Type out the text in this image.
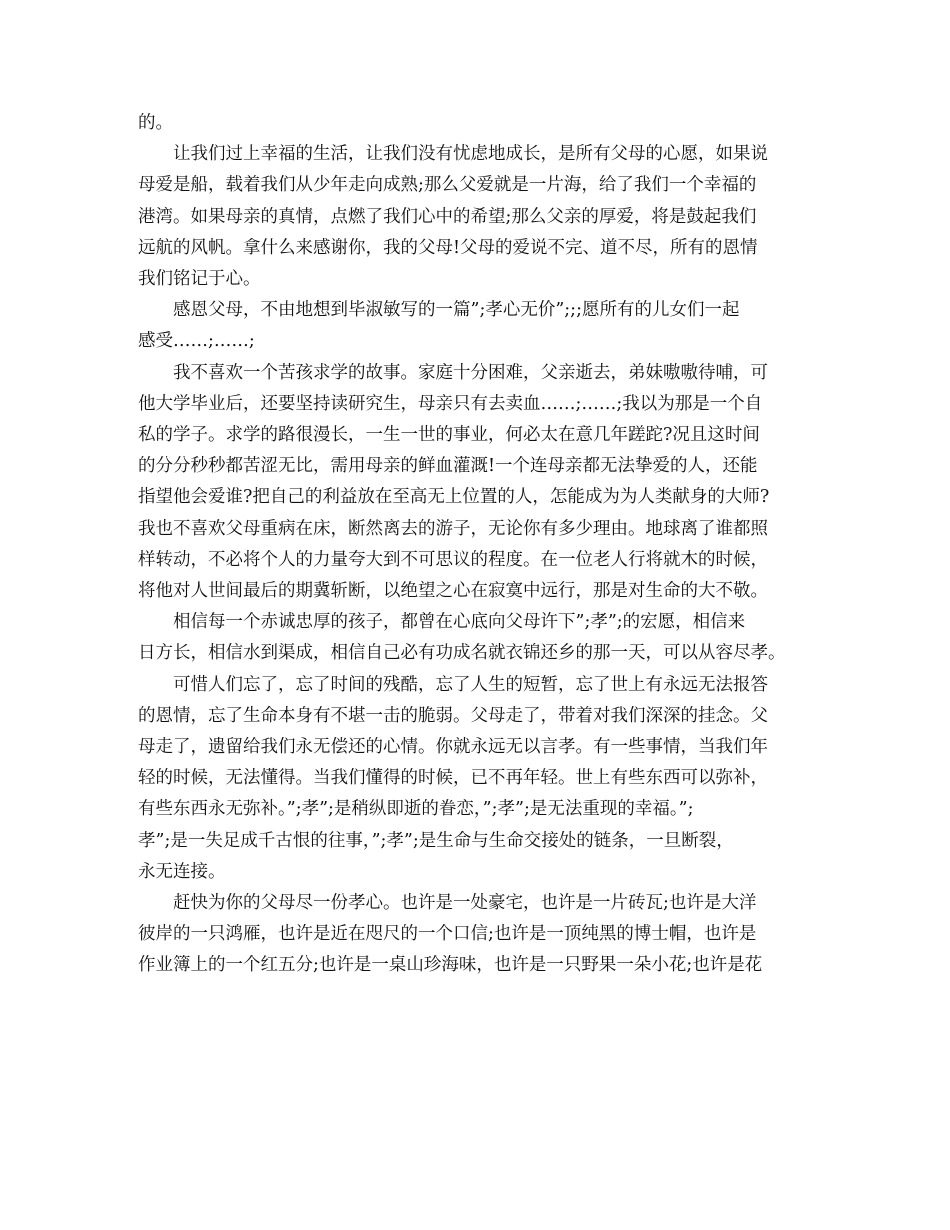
的。

　　让我们过上幸福的生活，让我们没有忧虑地成长，是所有父母的心愿，如果说
母爱是船，载着我们从少年走向成熟;那么父爱就是一片海，给了我们一个幸福的
港湾。如果母亲的真情，点燃了我们心中的希望;那么父亲的厚爱，将是鼓起我们
远航的风帆。拿什么来感谢你，我的父母!父母的爱说不完、道不尽，所有的恩情
我们铭记于心。

　　感恩父母，不由地想到毕淑敏写的一篇”;孝心无价”;;;愿所有的儿女们一起
感受……;……;

　　我不喜欢一个苦孩求学的故事。家庭十分困难，父亲逝去，弟妹嗷嗷待哺，可
他大学毕业后，还要坚持读研究生，母亲只有去卖血……;……;我以为那是一个自
私的学子。求学的路很漫长，一生一世的事业，何必太在意几年蹉跎?况且这时间
的分分秒秒都苦涩无比，需用母亲的鲜血灌溉!一个连母亲都无法挚爱的人，还能
指望他会爱谁?把自己的利益放在至高无上位置的人，怎能成为为人类献身的大师?
我也不喜欢父母重病在床，断然离去的游子，无论你有多少理由。地球离了谁都照
样转动，不必将个人的力量夸大到不可思议的程度。在一位老人行将就木的时候，
将他对人世间最后的期冀斩断，以绝望之心在寂寞中远行，那是对生命的大不敬。

　　相信每一个赤诚忠厚的孩子，都曾在心底向父母许下”;孝”;的宏愿，相信来
日方长，相信水到渠成，相信自己必有功成名就衣锦还乡的那一天，可以从容尽孝。

　　可惜人们忘了，忘了时间的残酷，忘了人生的短暂，忘了世上有永远无法报答
的恩情，忘了生命本身有不堪一击的脆弱。父母走了，带着对我们深深的挂念。父
母走了，遗留给我们永无偿还的心情。你就永远无以言孝。有一些事情，当我们年
轻的时候，无法懂得。当我们懂得的时候，已不再年轻。世上有些东西可以弥补，
有些东西永无弥补。”;孝”;是稍纵即逝的眷恋，”;孝”;是无法重现的幸福。”;
孝”;是一失足成千古恨的往事，”;孝”;是生命与生命交接处的链条，一旦断裂，
永无连接。

　　赶快为你的父母尽一份孝心。也许是一处豪宅，也许是一片砖瓦;也许是大洋
彼岸的一只鸿雁，也许是近在咫尺的一个口信;也许是一顶纯黑的博士帽，也许是
作业簿上的一个红五分;也许是一桌山珍海味，也许是一只野果一朵小花;也许是花
